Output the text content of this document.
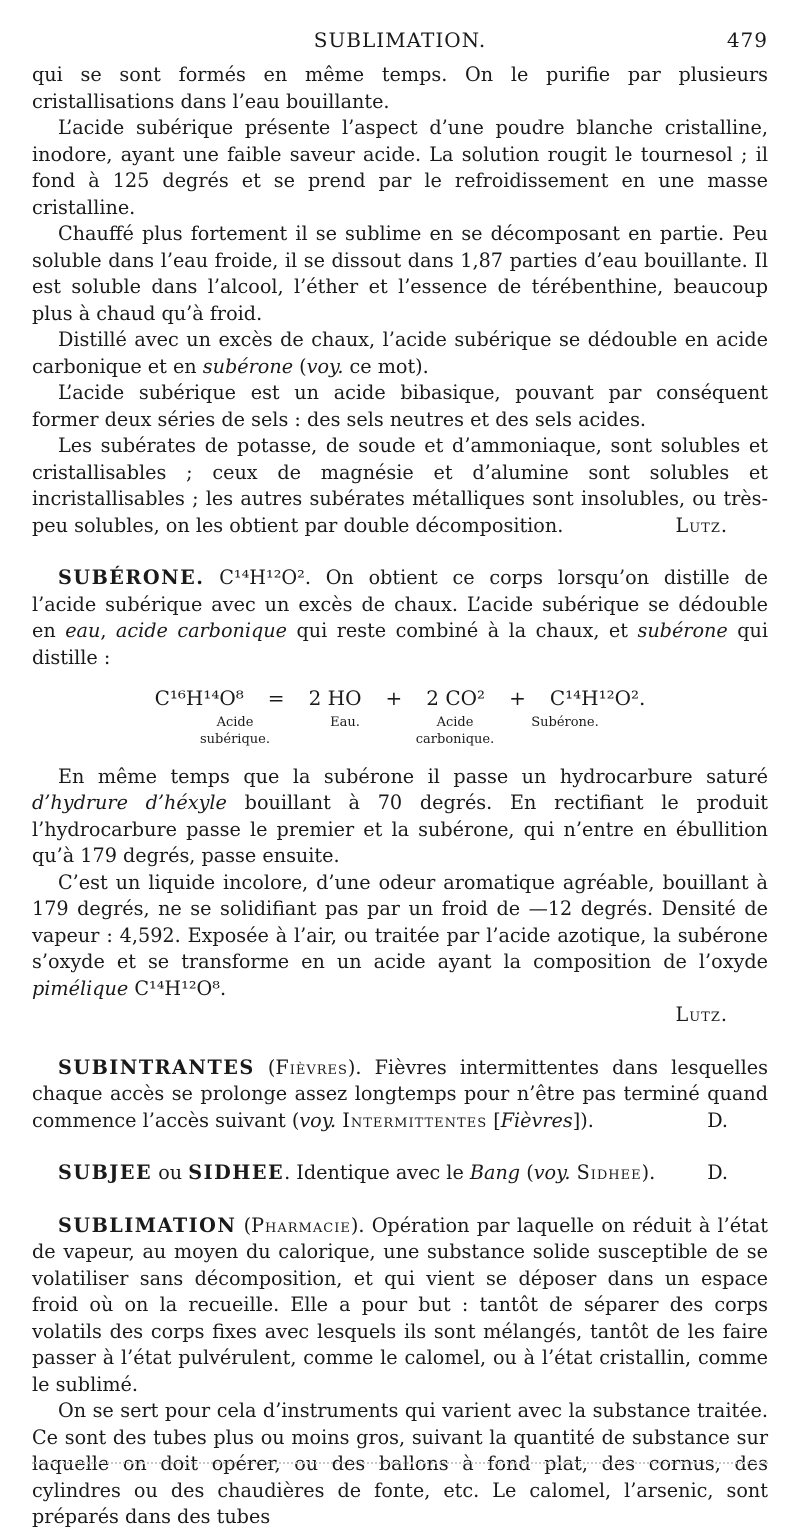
SUBLIMATION.	479

qui se sont formés en même temps. On le purifie par plusieurs cristallisations dans l’eau bouillante.

L’acide subérique présente l’aspect d’une poudre blanche cristalline, inodore, ayant une faible saveur acide. La solution rougit le tournesol ; il fond à 125 degrés et se prend par le refroidissement en une masse cristalline.

Chauffé plus fortement il se sublime en se décomposant en partie. Peu soluble dans l’eau froide, il se dissout dans 1,87 parties d’eau bouillante. Il est soluble dans l’alcool, l’éther et l’essence de térébenthine, beaucoup plus à chaud qu’à froid.

Distillé avec un excès de chaux, l’acide subérique se dédouble en acide carbonique et en subérone (voy. ce mot).

L’acide subérique est un acide bibasique, pouvant par conséquent former deux séries de sels : des sels neutres et des sels acides.

Les subérates de potasse, de soude et d’ammoniaque, sont solubles et cristallisables ; ceux de magnésie et d’alumine sont solubles et incristallisables ; les autres subérates métalliques sont insolubles, ou très-peu solubles, on les obtient par double décomposition.	Lutz.

SUBÉRONE. C¹⁴H¹²O². On obtient ce corps lorsqu’on distille de l’acide subérique avec un excès de chaux. L’acide subérique se dédouble en eau, acide carbonique qui reste combiné à la chaux, et subérone qui distille :

C¹⁶H¹⁴O⁸	=	2 HO	+	2 CO²	+	C¹⁴H¹²O².
Acide subérique.
Eau.	Acide carbonique.
Subérone.

En même temps que la subérone il passe un hydrocarbure saturé d’hydrure d’héxyle bouillant à 70 degrés. En rectifiant le produit l’hydrocarbure passe le premier et la subérone, qui n’entre en ébullition qu’à 179 degrés, passe ensuite.

C’est un liquide incolore, d’une odeur aromatique agréable, bouillant à 179 degrés, ne se solidifiant pas par un froid de —12 degrés. Densité de vapeur : 4,592. Exposée à l’air, ou traitée par l’acide azotique, la subérone s’oxyde et se transforme en un acide ayant la composition de l’oxyde pimélique C¹⁴H¹²O⁸.

Lutz.

SUBINTRANTES (Fièvres). Fièvres intermittentes dans lesquelles chaque accès se prolonge assez longtemps pour n’être pas terminé quand commence l’accès suivant (voy. Intermittentes [Fièvres]).	D.

SUBJEE ou SIDHEE. Identique avec le Bang (voy. Sidhee).	D.

SUBLIMATION (Pharmacie). Opération par laquelle on réduit à l’état de vapeur, au moyen du calorique, une substance solide susceptible de se volatiliser sans décomposition, et qui vient se déposer dans un espace froid où on la recueille. Elle a pour but : tantôt de séparer des corps volatils des corps fixes avec lesquels ils sont mélangés, tantôt de les faire passer à l’état pulvérulent, comme le calomel, ou à l’état cristallin, comme le sublimé.

On se sert pour cela d’instruments qui varient avec la substance traitée. Ce sont des tubes plus ou moins gros, suivant la quantité de substance sur laquelle on doit opérer, ou des ballons à fond plat, des cornus, des cylindres ou des chaudières de fonte, etc. Le calomel, l’arsenic, sont préparés dans des tubes
